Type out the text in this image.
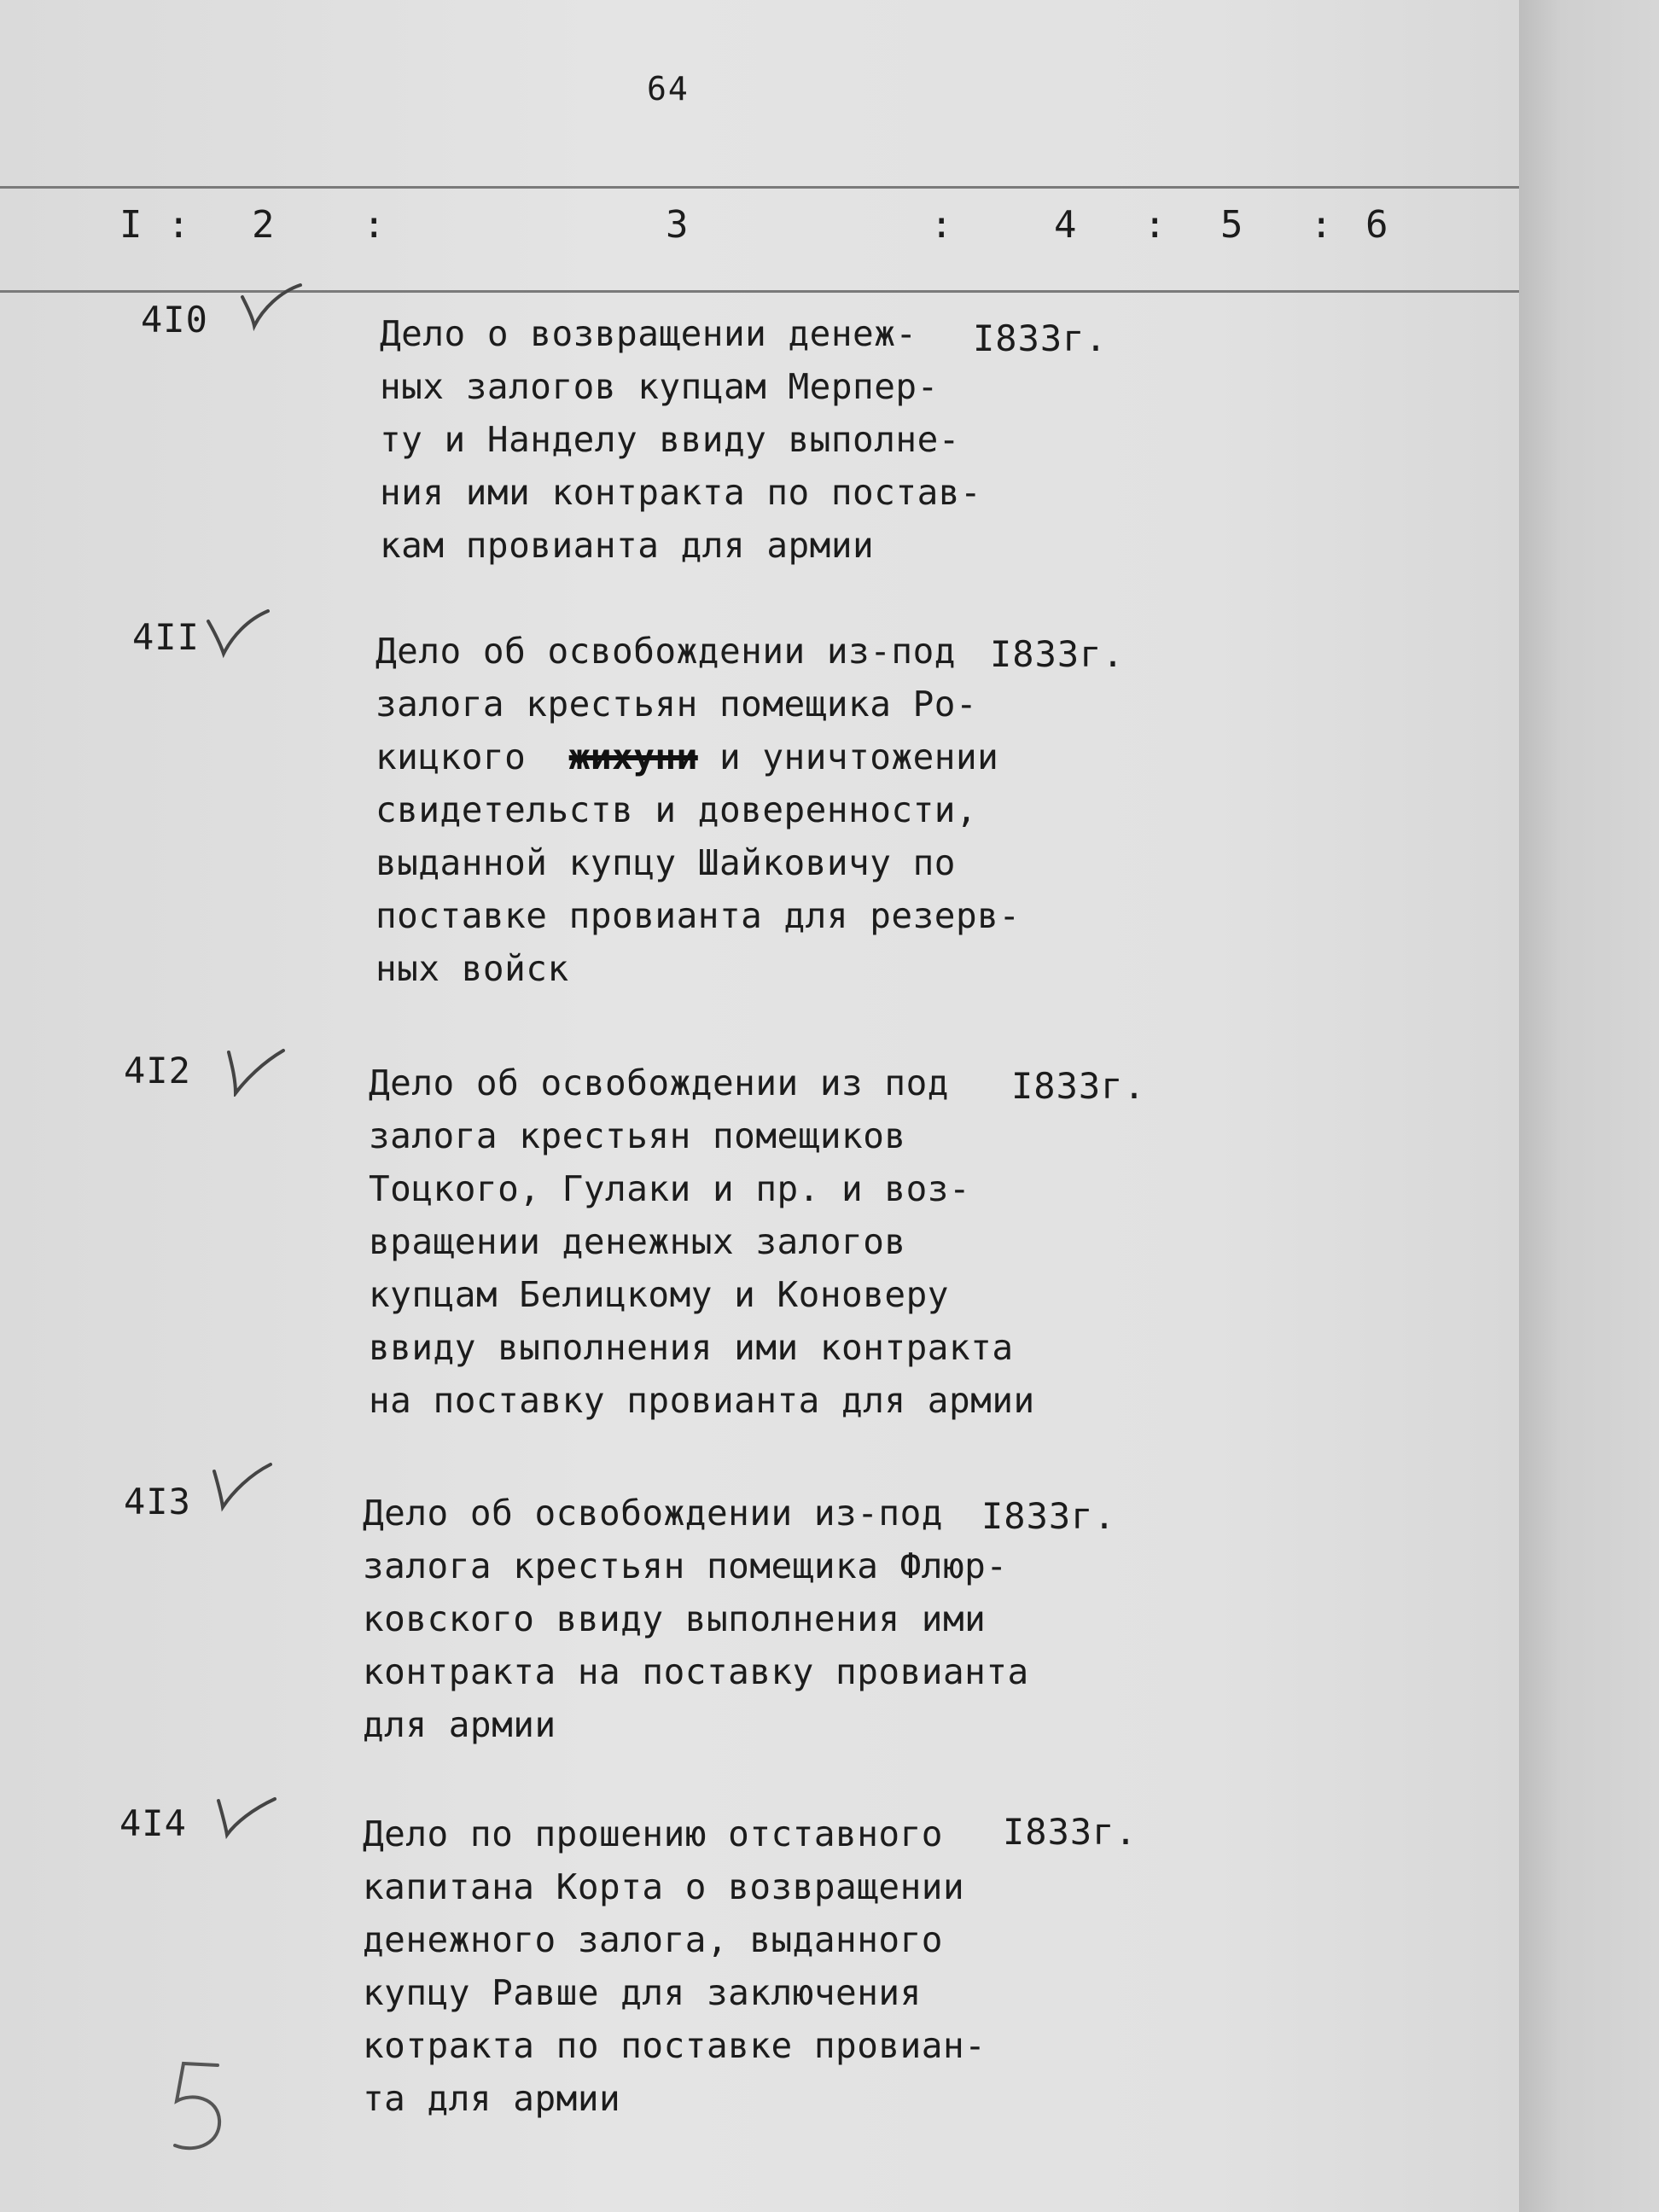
64
I : 2 :	3	:	4 : 5 : 6
4I0	Дело о возвращении денеж-
ных залогов купцам Мерпер-
ту и Нанделу ввиду выполне-
ния ими контракта по постав-
кам провианта для армии
I833г.
4II	Дело об освобождении из-под
залога крестьян помещика Ро-
кицкого жихуни и уничтожении
свидетельств и доверенности,
выданной купцу Шайковичу по
поставке провианта для резерв-
ных войск
I833г.
4I2	Дело об освобождении из под
залога крестьян помещиков
Тоцкого, Гулаки и пр. и воз-
вращении денежных залогов
купцам Белицкому и Коноверу
ввиду выполнения ими контракта
на поставку провианта для армии
I833г.
4I3	Дело об освобождении из-под
залога крестьян помещика Флюр-
ковского ввиду выполнения ими
контракта на поставку провианта
для армии
I833г.
4I4	Дело по прошению отставного
капитана Корта о возвращении
денежного залога, выданного
купцу Равше для заключения
котракта по поставке провиан-
та для армии
I833г.
